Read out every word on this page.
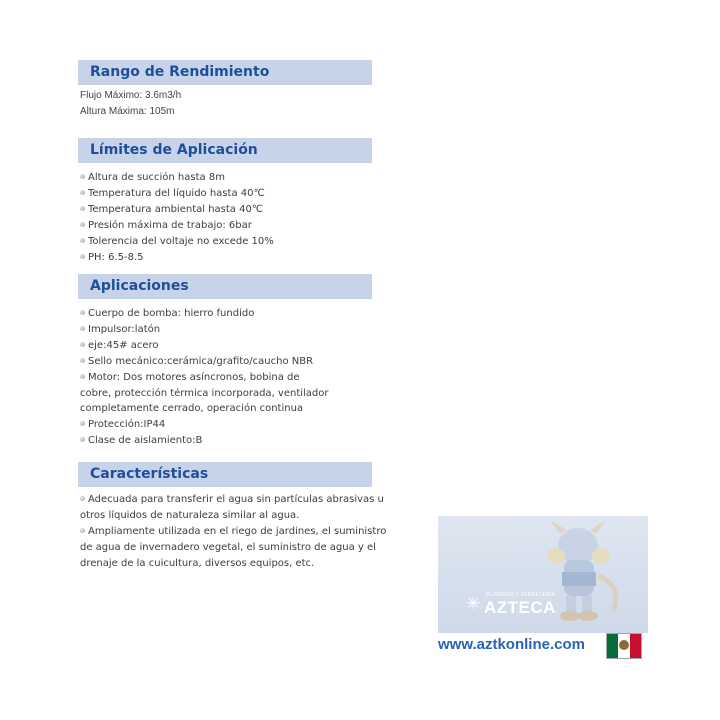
Rango de Rendimiento
Flujo Máximo: 3.6m3/h
Altura Máxima: 105m
Límites de Aplicación
Altura de succión hasta 8m
Temperatura del líquido hasta 40℃
Temperatura ambiental hasta 40℃
Presión máxima de trabajo: 6bar
Tolerencia del voltaje no excede 10%
PH: 6.5-8.5
Aplicaciones
Cuerpo de bomba: hierro fundido
Impulsor:latón
eje:45# acero
Sello mecánico:cerámica/grafito/caucho NBR
Motor: Dos motores asíncronos, bobina de
cobre, protección térmica incorporada, ventilador
completamente cerrado, operación continua
Protección:IP44
Clase de aislamiento:B
Características

Adecuada para transferir el agua sin partículas abrasivas u

otros líquidos de naturaleza similar al agua.

Ampliamente utilizada en el riego de jardines, el suministro

de agua de invernadero vegetal, el suministro de agua y el

drenaje de la cuicultura, diversos equipos, etc.

PLOMERÍA Y FERRETERÍA
✳ AZTECA
www.aztkonline.com
